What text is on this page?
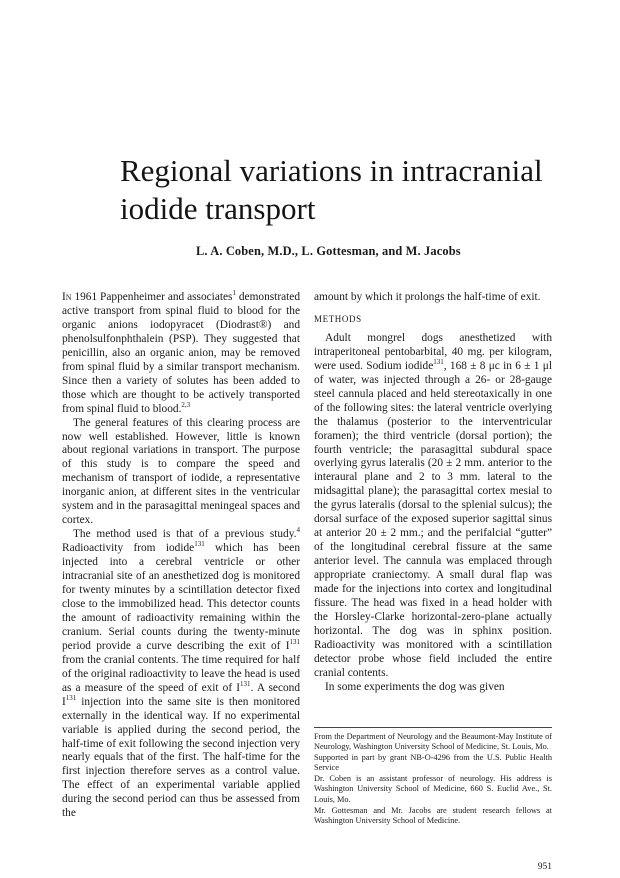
Regional variations in intracranial iodide transport

L. A. Coben, M.D., L. Gottesman, and M. Jacobs

In 1961 Pappenheimer and associates$^1$ demonstrated active transport from spinal fluid to blood for the organic anions iodopyracet (Diodrast®) and phenolsulfonphthalein (PSP). They suggested that penicillin, also an organic anion, may be removed from spinal fluid by a similar transport mechanism. Since then a variety of solutes has been added to those which are thought to be actively transported from spinal fluid to blood.$^{2,3}$

The general features of this clearing process are now well established. However, little is known about regional variations in transport. The purpose of this study is to compare the speed and mechanism of transport of iodide, a representative inorganic anion, at different sites in the ventricular system and in the parasagittal meningeal spaces and cortex.

The method used is that of a previous study.$^4$ Radioactivity from iodide$^{131}$ which has been injected into a cerebral ventricle or other intracranial site of an anesthetized dog is monitored for twenty minutes by a scintillation detector fixed close to the immobilized head. This detector counts the amount of radioactivity remaining within the cranium. Serial counts during the twenty-minute period provide a curve describing the exit of $I^{131}$ from the cranial contents. The time required for half of the original radioactivity to leave the head is used as a measure of the speed of exit of $I^{131}$. A second $I^{131}$ injection into the same site is then monitored externally in the identical way. If no experimental variable is applied during the second period, the half-time of exit following the second injection very nearly equals that of the first. The half-time for the first injection therefore serves as a control value. The effect of an experimental variable applied during the second period can thus be assessed from the

amount by which it prolongs the half-time of exit.

METHODS

Adult mongrel dogs anesthetized with intraperitoneal pentobarbital, 40 mg. per kilogram, were used. Sodium iodide$^{131}$, 168 ± 8 μc in 6 ± 1 μl of water, was injected through a 26- or 28-gauge steel cannula placed and held stereotaxically in one of the following sites: the lateral ventricle overlying the thalamus (posterior to the interventricular foramen); the third ventricle (dorsal portion); the fourth ventricle; the parasagittal subdural space overlying gyrus lateralis (20 ± 2 mm. anterior to the interaural plane and 2 to 3 mm. lateral to the midsagittal plane); the parasagittal cortex mesial to the gyrus lateralis (dorsal to the splenial sulcus); the dorsal surface of the exposed superior sagittal sinus at anterior 20 ± 2 mm.; and the perifalcial “gutter” of the longitudinal cerebral fissure at the same anterior level. The cannula was emplaced through appropriate craniectomy. A small dural flap was made for the injections into cortex and longitudinal fissure. The head was fixed in a head holder with the Horsley-Clarke horizontal-zero-plane actually horizontal. The dog was in sphinx position. Radioactivity was monitored with a scintillation detector probe whose field included the entire cranial contents.

In some experiments the dog was given

From the Department of Neurology and the Beaumont-May Institute of Neurology, Washington University School of Medicine, St. Louis, Mo.

Supported in part by grant NB-O-4296 from the U.S. Public Health Service

Dr. Coben is an assistant professor of neurology. His address is Washington University School of Medicine, 660 S. Euclid Ave., St. Louis, Mo.

Mr. Gottesman and Mr. Jacobs are student research fellows at Washington University School of Medicine.

951
